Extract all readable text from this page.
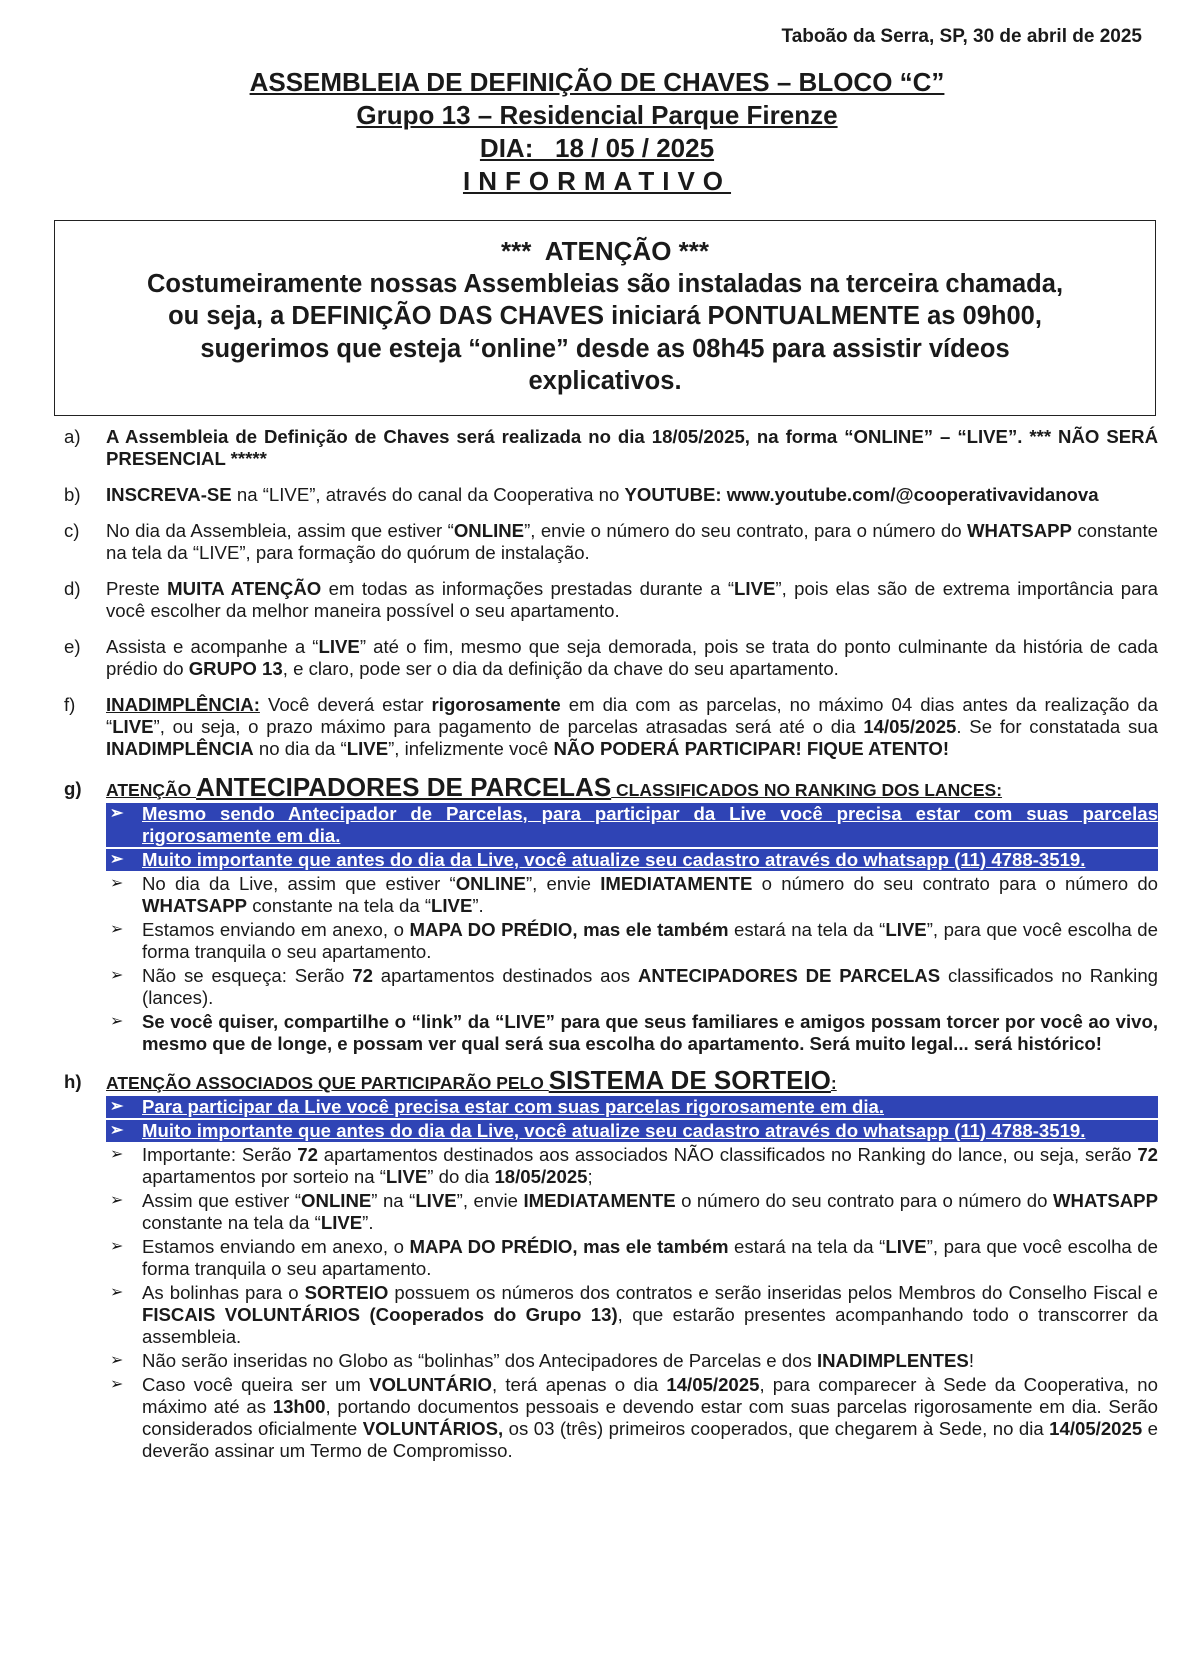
Taboão da Serra, SP, 30 de abril de 2025
ASSEMBLEIA DE DEFINIÇÃO DE CHAVES – BLOCO “C”
Grupo 13 – Residencial Parque Firenze
DIA:   18 / 05 / 2025
INFORMATIVO
***  ATENÇÃO ***
Costumeiramente nossas Assembleias são instaladas na terceira chamada,
ou seja, a DEFINIÇÃO DAS CHAVES iniciará PONTUALMENTE as 09h00,
sugerimos que esteja “online” desde as 08h45 para assistir vídeos
explicativos.
a) A Assembleia de Definição de Chaves será realizada no dia 18/05/2025, na forma “ONLINE” – “LIVE”. *** NÃO SERÁ PRESENCIAL *****

b) INSCREVA-SE na “LIVE”, através do canal da Cooperativa no YOUTUBE: www.youtube.com/@cooperativavidanova

c) No dia da Assembleia, assim que estiver “ONLINE”, envie o número do seu contrato, para o número do WHATSAPP constante na tela da “LIVE”, para formação do quórum de instalação.

d) Preste MUITA ATENÇÃO em todas as informações prestadas durante a “LIVE”, pois elas são de extrema importância para você escolher da melhor maneira possível o seu apartamento.

e) Assista e acompanhe a “LIVE” até o fim, mesmo que seja demorada, pois se trata do ponto culminante da história de cada prédio do GRUPO 13, e claro, pode ser o dia da definição da chave do seu apartamento.

f) INADIMPLÊNCIA: Você deverá estar rigorosamente em dia com as parcelas, no máximo 04 dias antes da realização da “LIVE”, ou seja, o prazo máximo para pagamento de parcelas atrasadas será até o dia 14/05/2025. Se for constatada sua INADIMPLÊNCIA no dia da “LIVE”, infelizmente você NÃO PODERÁ PARTICIPAR! FIQUE ATENTO!

g) ATENÇÃO ANTECIPADORES DE PARCELAS CLASSIFICADOS NO RANKING DOS LANCES:

➢ Mesmo sendo Antecipador de Parcelas, para participar da Live você precisa estar com suas parcelas rigorosamente em dia.
➢ Muito importante que antes do dia da Live, você atualize seu cadastro através do whatsapp (11) 4788-3519.
➢ No dia da Live, assim que estiver “ONLINE”, envie IMEDIATAMENTE o número do seu contrato para o número do WHATSAPP constante na tela da “LIVE”.
➢ Estamos enviando em anexo, o MAPA DO PRÉDIO, mas ele também estará na tela da “LIVE”, para que você escolha de forma tranquila o seu apartamento.
➢ Não se esqueça: Serão 72 apartamentos destinados aos ANTECIPADORES DE PARCELAS classificados no Ranking (lances).
➢ Se você quiser, compartilhe o “link” da “LIVE” para que seus familiares e amigos possam torcer por você ao vivo, mesmo que de longe, e possam ver qual será sua escolha do apartamento. Será muito legal... será histórico!
h) ATENÇÃO ASSOCIADOS QUE PARTICIPARÃO PELO SISTEMA DE SORTEIO:

➢ Para participar da Live você precisa estar com suas parcelas rigorosamente em dia.
➢ Muito importante que antes do dia da Live, você atualize seu cadastro através do whatsapp (11) 4788-3519.
➢ Importante: Serão 72 apartamentos destinados aos associados NÃO classificados no Ranking do lance, ou seja, serão 72 apartamentos por sorteio na “LIVE” do dia 18/05/2025;
➢ Assim que estiver “ONLINE” na “LIVE”, envie IMEDIATAMENTE o número do seu contrato para o número do WHATSAPP constante na tela da “LIVE”.
➢ Estamos enviando em anexo, o MAPA DO PRÉDIO, mas ele também estará na tela da “LIVE”, para que você escolha de forma tranquila o seu apartamento.
➢ As bolinhas para o SORTEIO possuem os números dos contratos e serão inseridas pelos Membros do Conselho Fiscal e FISCAIS VOLUNTÁRIOS (Cooperados do Grupo 13), que estarão presentes acompanhando todo o transcorrer da assembleia.
➢ Não serão inseridas no Globo as “bolinhas” dos Antecipadores de Parcelas e dos INADIMPLENTES!
➢ Caso você queira ser um VOLUNTÁRIO, terá apenas o dia 14/05/2025, para comparecer à Sede da Cooperativa, no máximo até as 13h00, portando documentos pessoais e devendo estar com suas parcelas rigorosamente em dia. Serão considerados oficialmente VOLUNTÁRIOS, os 03 (três) primeiros cooperados, que chegarem à Sede, no dia 14/05/2025 e deverão assinar um Termo de Compromisso.
